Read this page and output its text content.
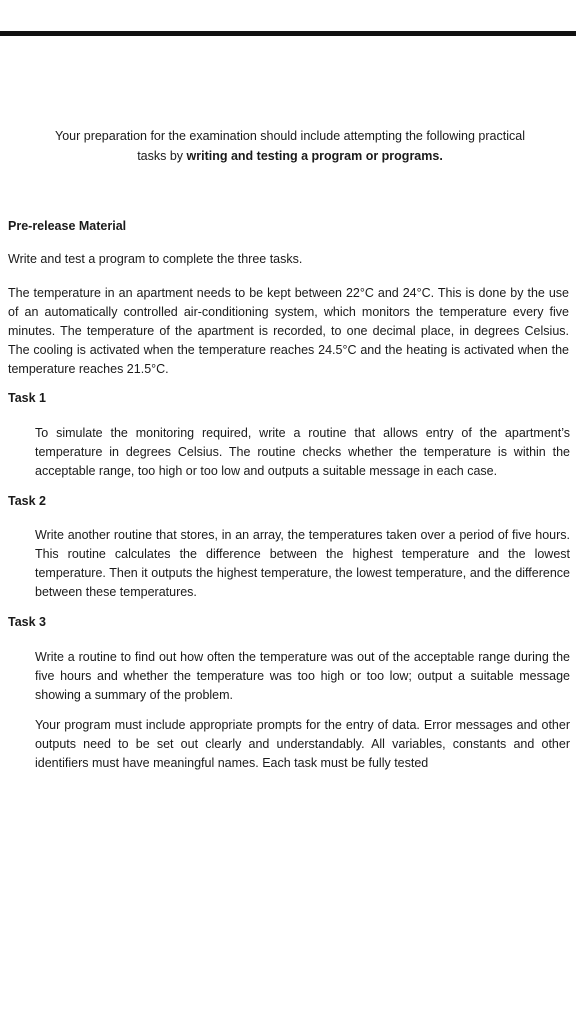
Your preparation for the examination should include attempting the following practical
tasks by writing and testing a program or programs.
Pre-release Material
Write and test a program to complete the three tasks.
The temperature in an apartment needs to be kept between 22°C and 24°C. This is done by the use of an automatically controlled air-conditioning system, which monitors the temperature every five minutes. The temperature of the apartment is recorded, to one decimal place, in degrees Celsius. The cooling is activated when the temperature reaches 24.5°C and the heating is activated when the temperature reaches 21.5°C.
Task 1
To simulate the monitoring required, write a routine that allows entry of the apartment’s temperature in degrees Celsius. The routine checks whether the temperature is within the acceptable range, too high or too low and outputs a suitable message in each case.
Task 2
Write another routine that stores, in an array, the temperatures taken over a period of five hours. This routine calculates the difference between the highest temperature and the lowest temperature. Then it outputs the highest temperature, the lowest temperature, and the difference between these temperatures.
Task 3
Write a routine to find out how often the temperature was out of the acceptable range during the five hours and whether the temperature was too high or too low; output a suitable message showing a summary of the problem.
Your program must include appropriate prompts for the entry of data. Error messages and other outputs need to be set out clearly and understandably. All variables, constants and other identifiers must have meaningful names. Each task must be fully tested
